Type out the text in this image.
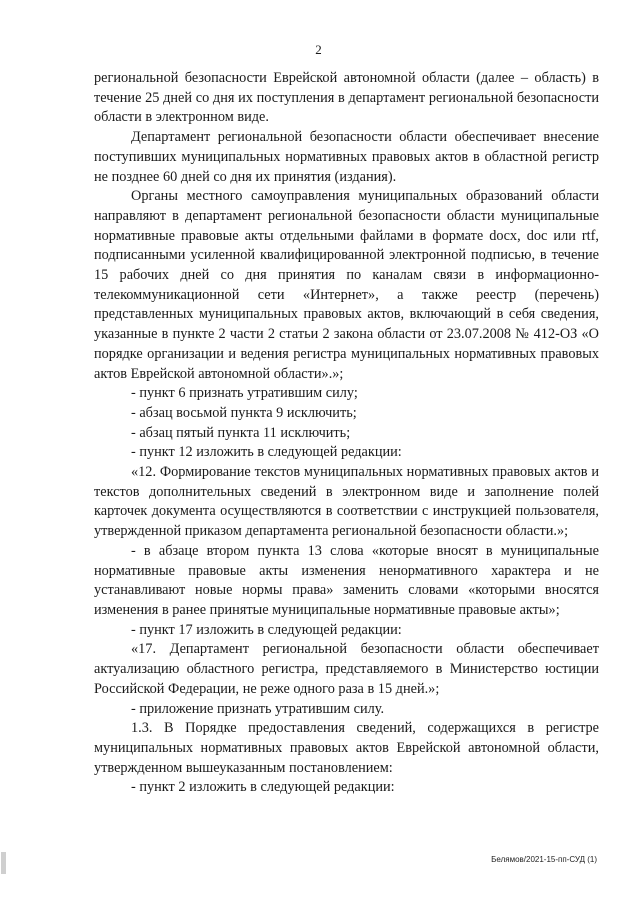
2

региональной безопасности Еврейской автономной области (далее – область) в течение 25 дней со дня их поступления в департамент региональной безопасности области в электронном виде.

Департамент региональной безопасности области обеспечивает внесение поступивших муниципальных нормативных правовых актов в областной регистр не позднее 60 дней со дня их принятия (издания).

Органы местного самоуправления муниципальных образований области направляют в департамент региональной безопасности области муниципальные нормативные правовые акты отдельными файлами в формате docx, doc или rtf, подписанными усиленной квалифицированной электронной подписью, в течение 15 рабочих дней со дня принятия по каналам связи в информационно-телекоммуникационной сети «Интернет», а также реестр (перечень) представленных муниципальных правовых актов, включающий в себя сведения, указанные в пункте 2 части 2 статьи 2 закона области от 23.07.2008 № 412-ОЗ «О порядке организации и ведения регистра муниципальных нормативных правовых актов Еврейской автономной области».»;

- пункт 6 признать утратившим силу;

- абзац восьмой пункта 9 исключить;

- абзац пятый пункта 11 исключить;

- пункт 12 изложить в следующей редакции:

«12. Формирование текстов муниципальных нормативных правовых актов и текстов дополнительных сведений в электронном виде и заполнение полей карточек документа осуществляются в соответствии с инструкцией пользователя, утвержденной приказом департамента региональной безопасности области.»;

- в абзаце втором пункта 13 слова «которые вносят в муниципальные нормативные правовые акты изменения ненормативного характера и не устанавливают новые нормы права» заменить словами «которыми вносятся изменения в ранее принятые муниципальные нормативные правовые акты»;

- пункт 17 изложить в следующей редакции:

«17. Департамент региональной безопасности области обеспечивает актуализацию областного регистра, представляемого в Министерство юстиции Российской Федерации, не реже одного раза в 15 дней.»;

- приложение признать утратившим силу.

1.3. В Порядке предоставления сведений, содержащихся в регистре муниципальных нормативных правовых актов Еврейской автономной области, утвержденном вышеуказанным постановлением:

- пункт 2 изложить в следующей редакции:

Белямов/2021-15-пп-СУД (1)
